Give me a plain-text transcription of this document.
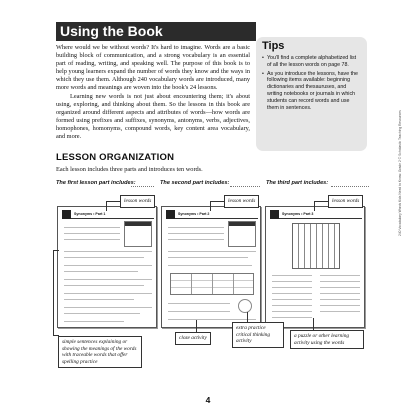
Using the Book

Where would we be without words? It's hard to imagine. Words are a basic building block of communication, and a strong vocabulary is an essential part of reading, writing, and speaking well. The purpose of this book is to help young learners expand the number of words they know and the ways in which they use them. Although 240 vocabulary words are introduced, many more words and meanings are woven into the book's 24 lessons.

Learning new words is not just about encountering them; it's about using, exploring, and thinking about them. So the lessons in this book are organized around different aspects and attributes of words—how words are formed using prefixes and suffixes, synonyms, antonyms, verbs, adjectives, homophones, homonyms, compound words, key content area vocabulary, and more.

Tips
• You'll find a complete alphabetized list of all the lesson words on page 78.
• As you introduce the lessons, have the following items available: beginning dictionaries and thesauruses, and writing notebooks or journals in which students can record words and use them in sentences.
LESSON ORGANIZATION
Each lesson includes three parts and introduces ten words.
The first lesson part includes:	The second part includes:	The third part includes:
Synonyms • Part 1	Synonyms • Part 2	Synonyms • Part 3
lesson words	lesson words	lesson words
simple sentences explaining or showing the meanings of the words with traceable words that offer spelling practice
cloze activity
extra practice critical thinking activity
a puzzle or other learning activity using the words
240 Vocabulary Words Kids Need to Know: Grade 2 © Scholastic Teaching Resources
4
